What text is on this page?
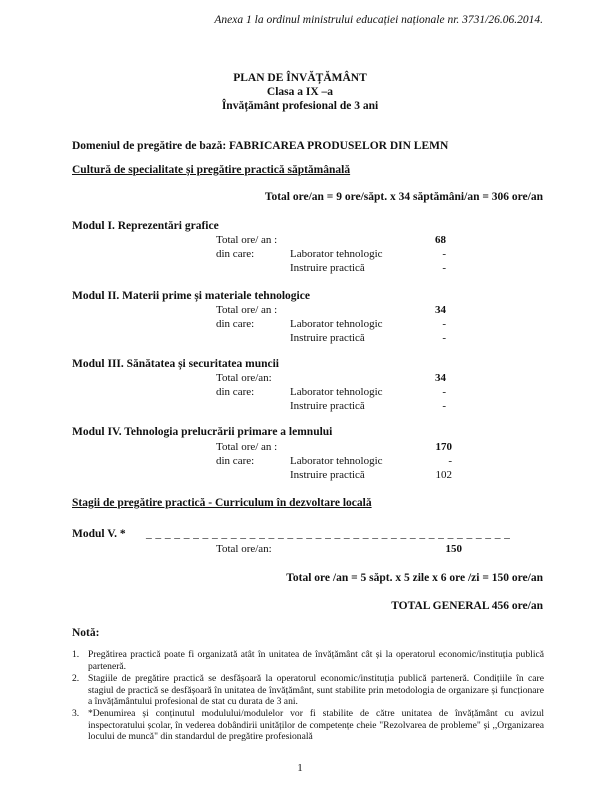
Anexa 1 la ordinul ministrului educației naționale nr. 3731/26.06.2014.
PLAN DE ÎNVĂȚĂMÂNT
Clasa a IX –a
Învățământ profesional de 3 ani
Domeniul de pregătire de bază: FABRICAREA PRODUSELOR DIN LEMN
Cultură de specialitate și pregătire practică săptămânală
Total ore/an = 9 ore/săpt. x 34 săptămâni/an = 306 ore/an
Modul I. Reprezentări grafice
Total ore/ an :	68
din care:	Laborator tehnologic	-
Instruire practică	-
Modul II. Materii prime și materiale tehnologice
Total ore/ an :	34
din care:	Laborator tehnologic	-
Instruire practică	-
Modul III. Sănătatea și securitatea muncii
Total ore/an:	34
din care:	Laborator tehnologic	-
Instruire practică	-
Modul IV. Tehnologia prelucrării primare a lemnului
Total ore/ an :	170
din care:	Laborator tehnologic	-
Instruire practică	102
Stagii de pregătire practică - Curriculum în dezvoltare locală
Modul V. * _ _ _ _ _ _ _ _ _ _ _ _ _ _ _ _ _ _ _ _ _ _ _ _ _ _ _ _ _ _ _ _ _ _ _ _ _ _ _
Total ore/an:	150
Total ore /an = 5 săpt. x 5 zile x 6 ore /zi = 150 ore/an
TOTAL GENERAL 456 ore/an
Notă:
1. Pregătirea practică poate fi organizată atât în unitatea de învățământ cât și la operatorul economic/instituția publică parteneră.
2. Stagiile de pregătire practică se desfășoară la operatorul economic/instituția publică parteneră. Condițiile în care stagiul de practică se desfășoară în unitatea de învățământ, sunt stabilite prin metodologia de organizare și funcționare a învățământului profesional de stat cu durata de 3 ani.
3. *Denumirea și conținutul modulului/modulelor vor fi stabilite de către unitatea de învățământ cu avizul inspectoratului școlar, în vederea dobândirii unităților de competențe cheie "Rezolvarea de probleme" și ,,Organizarea locului de muncă" din standardul de pregătire profesională
1
